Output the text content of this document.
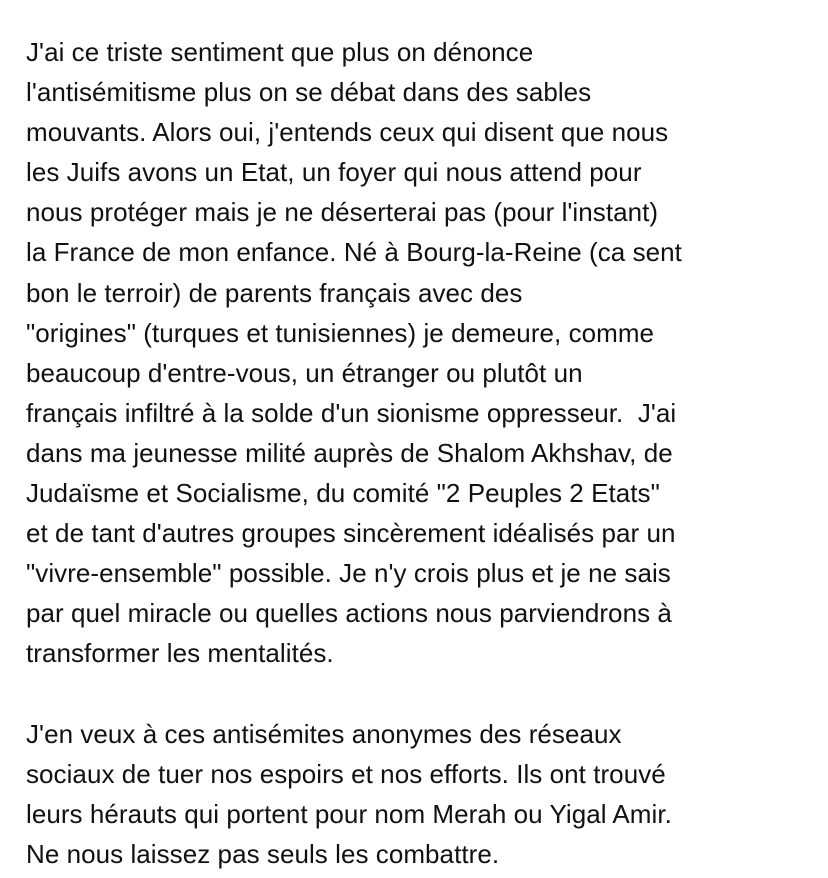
J'ai ce triste sentiment que plus on dénonce
l'antisémitisme plus on se débat dans des sables
mouvants. Alors oui, j'entends ceux qui disent que nous
les Juifs avons un Etat, un foyer qui nous attend pour
nous protéger mais je ne déserterai pas (pour l'instant)
la France de mon enfance. Né à Bourg-la-Reine (ca sent
bon le terroir) de parents français avec des
"origines" (turques et tunisiennes) je demeure, comme
beaucoup d'entre-vous, un étranger ou plutôt un
français infiltré à la solde d'un sionisme oppresseur.  J'ai
dans ma jeunesse milité auprès de Shalom Akhshav, de
Judaïsme et Socialisme, du comité "2 Peuples 2 Etats"
et de tant d'autres groupes sincèrement idéalisés par un
"vivre-ensemble" possible. Je n'y crois plus et je ne sais
par quel miracle ou quelles actions nous parviendrons à
transformer les mentalités.

J'en veux à ces antisémites anonymes des réseaux
sociaux de tuer nos espoirs et nos efforts. Ils ont trouvé
leurs hérauts qui portent pour nom Merah ou Yigal Amir.
Ne nous laissez pas seuls les combattre.
